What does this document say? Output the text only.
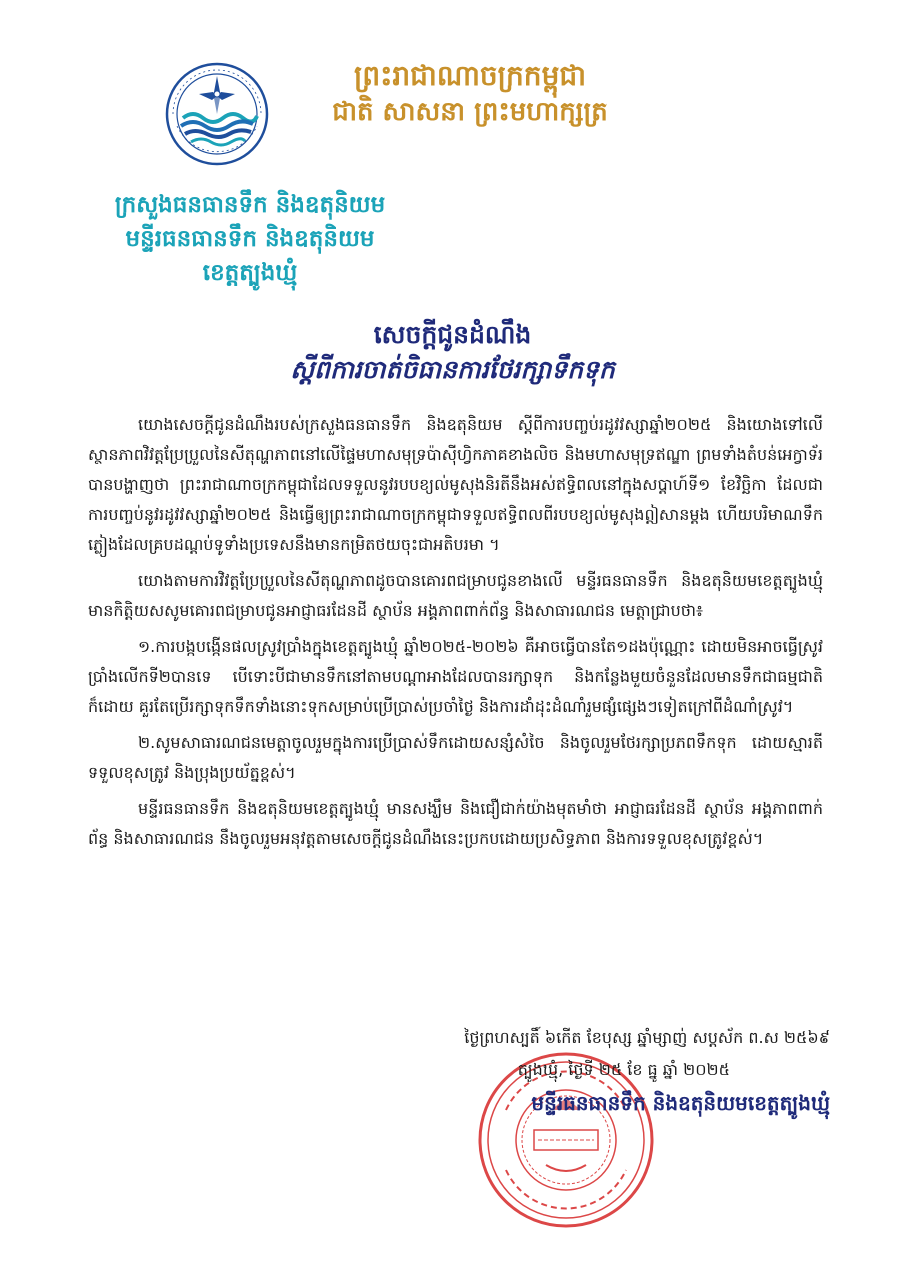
ព្រះរាជាណាចក្រកម្ពុជា
ជាតិ សាសនា ព្រះមហាក្សត្រ
ក្រសួងធនធានទឹក និងឧតុនិយម
មន្ទីរធនធានទឹក និងឧតុនិយម
ខេត្តត្បូងឃ្មុំ
សេចក្តីជូនដំណឹង
ស្តីពីការចាត់ចិធានការថែរក្សាទឹកទុក

យោងសេចក្តីជូនដំណឹងរបស់ក្រសួងធនធានទឹក និងឧតុនិយម ស្តីពីការបញ្ចប់រដូវវស្សាឆ្នាំ២០២៥ និងយោងទៅលើស្ថានភាពវិវត្តប្រែប្រួលនៃសីតុណ្ហភាពនៅលើផ្ទៃមហាសមុទ្រប៉ាស៊ីហ្វិកភាគខាងលិច និងមហាសមុទ្រឥណ្ឌា ព្រមទាំងតំបន់អេក្វាទ័រ បានបង្ហាញថា ព្រះរាជាណាចក្រកម្ពុជាដែលទទួលនូវរបបខ្យល់មូសុងនិរតីនឹងអស់ឥទ្ធិពលនៅក្នុងសប្តាហ៍ទី១ ខែវិច្ឆិកា ដែលជាការបញ្ចប់នូវរដូវវស្សាឆ្នាំ២០២៥ និងធ្វើឲ្យព្រះរាជាណាចក្រកម្ពុជាទទួលឥទ្ធិពលពីរបបខ្យល់មូសុងឦសានម្តង ហើយបរិមាណទឹកភ្លៀងដែលគ្របដណ្តប់ទូទាំងប្រទេសនឹងមានកម្រិតថយចុះជាអតិបរមា ។

យោងតាមការវិវត្តប្រែប្រួលនៃសីតុណ្ហភាពដូចបានគោរពជម្រាបជូនខាងលើ មន្ទីរធនធានទឹក និងឧតុនិយមខេត្តត្បូងឃ្មុំ មានកិត្តិយសសូមគោរពជម្រាបជូនអាជ្ញាធរដែនដី ស្ថាប័ន អង្គភាពពាក់ព័ន្ធ និងសាធារណជន មេត្តាជ្រាបថា៖

១.ការបង្កបង្កើនផលស្រូវប្រាំងក្នុងខេត្តត្បូងឃ្មុំ ឆ្នាំ២០២៥-២០២៦ គឺអាចធ្វើបានតែ១ដងប៉ុណ្ណោះ ដោយមិនអាចធ្វើស្រូវប្រាំងលើកទី២បានទេ បើទោះបីជាមានទឹកនៅតាមបណ្តាអាងដែលបានរក្សាទុក និងកន្លែងមួយចំនួនដែលមានទឹកជាធម្មជាតិក៏ដោយ គួរតែប្រើរក្សាទុកទឹកទាំងនោះទុកសម្រាប់ប្រើប្រាស់ប្រចាំថ្ងៃ និងការដាំដុះដំណាំរួមផ្សំផ្សេងៗទៀតក្រៅពីដំណាំស្រូវ។

២.សូមសាធារណជនមេត្តាចូលរួមក្នុងការប្រើប្រាស់ទឹកដោយសន្សំសំចៃ និងចូលរួមថែរក្សាប្រភពទឹកទុក ដោយស្មារតីទទួលខុសត្រូវ និងប្រុងប្រយ័ត្នខ្ពស់។

មន្ទីរធនធានទឹក និងឧតុនិយមខេត្តត្បូងឃ្មុំ មានសង្ឃឹម និងជឿជាក់យ៉ាងមុតមាំថា អាជ្ញាធរដែនដី ស្ថាប័ន អង្គភាពពាក់ព័ន្ធ និងសាធារណជន នឹងចូលរួមអនុវត្តតាមសេចក្តីជូនដំណឹងនេះប្រកបដោយប្រសិទ្ធភាព និងការទទួលខុសត្រូវខ្ពស់។

ថ្ងៃព្រហស្បតិ៍ ៦កើត ខែបុស្ស ឆ្នាំម្សាញ់ សប្តស័ក ព.ស ២៥៦៩
ត្បូងឃ្មុំ, ថ្ងៃទី ២៥ ខែ ធ្នូ ឆ្នាំ ២០២៥
មន្ទីរធនធានទឹក និងឧតុនិយមខេត្តត្បូងឃ្មុំ
